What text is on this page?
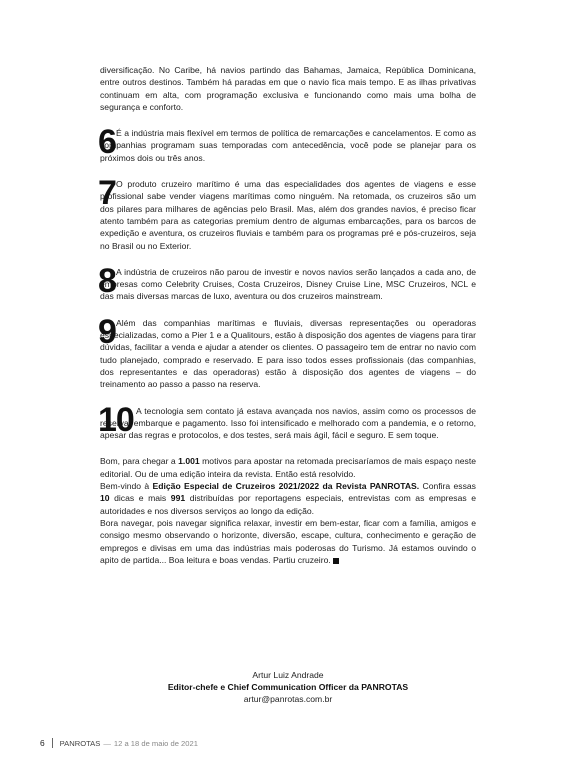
diversificação. No Caribe, há navios partindo das Bahamas, Jamaica, República Dominicana, entre outros destinos. Também há paradas em que o navio fica mais tempo. E as ilhas privativas continuam em alta, com programação exclusiva e funcionando como mais uma bolha de segurança e conforto.

6 É a indústria mais flexível em termos de política de remarcações e cancelamentos. E como as companhias programam suas temporadas com antecedência, você pode se planejar para os próximos dois ou três anos.

7 O produto cruzeiro marítimo é uma das especialidades dos agentes de viagens e esse profissional sabe vender viagens marítimas como ninguém. Na retomada, os cruzeiros são um dos pilares para milhares de agências pelo Brasil. Mas, além dos grandes navios, é preciso ficar atento também para as categorias premium dentro de algumas embarcações, para os barcos de expedição e aventura, os cruzeiros fluviais e também para os programas pré e pós-cruzeiros, seja no Brasil ou no Exterior.

8 A indústria de cruzeiros não parou de investir e novos navios serão lançados a cada ano, de empresas como Celebrity Cruises, Costa Cruzeiros, Disney Cruise Line, MSC Cruzeiros, NCL e das mais diversas marcas de luxo, aventura ou dos cruzeiros mainstream.

9 Além das companhias marítimas e fluviais, diversas representações ou operadoras especializadas, como a Pier 1 e a Qualitours, estão à disposição dos agentes de viagens para tirar dúvidas, facilitar a venda e ajudar a atender os clientes. O passageiro tem de entrar no navio com tudo planejado, comprado e reservado. E para isso todos esses profissionais (das companhias, dos representantes e das operadoras) estão à disposição dos agentes de viagens – do treinamento ao passo a passo na reserva.

10 A tecnologia sem contato já estava avançada nos navios, assim como os processos de reserva, embarque e pagamento. Isso foi intensificado e melhorado com a pandemia, e o retorno, apesar das regras e protocolos, e dos testes, será mais ágil, fácil e seguro. E sem toque.

Bom, para chegar a 1.001 motivos para apostar na retomada precisaríamos de mais espaço neste editorial. Ou de uma edição inteira da revista. Então está resolvido.

Bem-vindo à Edição Especial de Cruzeiros 2021/2022 da Revista PANROTAS. Confira essas 10 dicas e mais 991 distribuídas por reportagens especiais, entrevistas com as empresas e autoridades e nos diversos serviços ao longo da edição.

Bora navegar, pois navegar significa relaxar, investir em bem-estar, ficar com a família, amigos e consigo mesmo observando o horizonte, diversão, escape, cultura, conhecimento e geração de empregos e divisas em uma das indústrias mais poderosas do Turismo. Já estamos ouvindo o apito de partida... Boa leitura e boas vendas. Partiu cruzeiro.

Artur Luiz Andrade
Editor-chefe e Chief Communication Officer da PANROTAS
artur@panrotas.com.br
6 PANROTAS — 12 a 18 de maio de 2021
